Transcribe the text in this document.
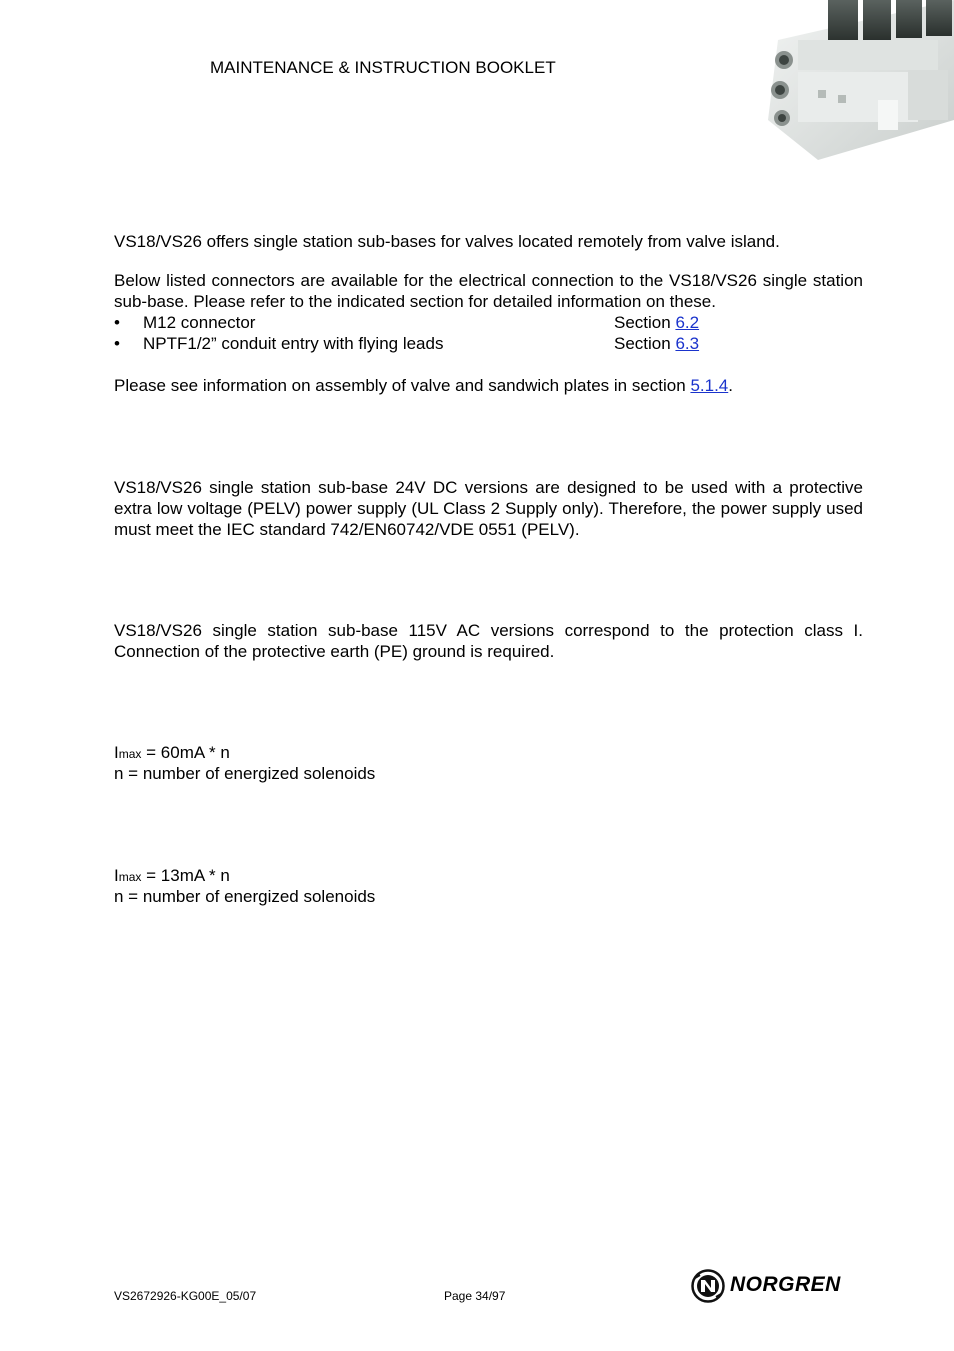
MAINTENANCE & INSTRUCTION BOOKLET
VS18/VS26 offers single station sub-bases for valves located remotely from valve island.
Below listed connectors are available for the electrical connection to the VS18/VS26 single station sub-base. Please refer to the indicated section for detailed information on these.
• M12 connector	Section 6.2
• NPTF1/2” conduit entry with flying leads	Section 6.3
Please see information on assembly of valve and sandwich plates in section 5.1.4.
VS18/VS26 single station sub-base 24V DC versions are designed to be used with a protective extra low voltage (PELV) power supply (UL Class 2 Supply only). Therefore, the power supply used must meet the IEC standard 742/EN60742/VDE 0551 (PELV).
VS18/VS26 single station sub-base 115V AC versions correspond to the protection class I. Connection of the protective earth (PE) ground is required.
Imax = 60mA * n
n = number of energized solenoids
Imax = 13mA * n
n = number of energized solenoids
VS2672926-KG00E_05/07	Page 34/97	NORGREN
